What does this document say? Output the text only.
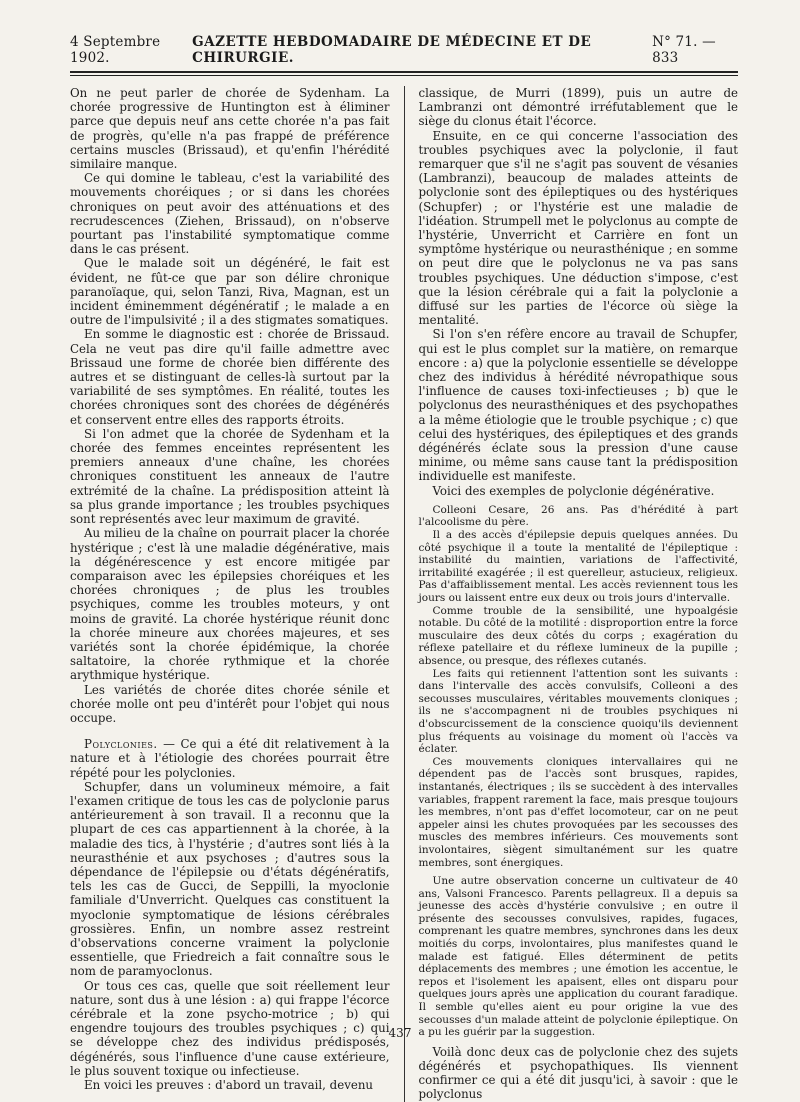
4 Septembre 1902.
GAZETTE HEBDOMADAIRE DE MÉDECINE ET DE CHIRURGIE.
N° 71. — 833

On ne peut parler de chorée de Sydenham. La chorée progressive de Huntington est à éliminer parce que depuis neuf ans cette chorée n'a pas fait de progrès, qu'elle n'a pas frappé de préférence certains muscles (Brissaud), et qu'enfin l'hérédité similaire manque.

Ce qui domine le tableau, c'est la variabilité des mouvements choréiques ; or si dans les chorées chroniques on peut avoir des atténuations et des recrudescences (Ziehen, Brissaud), on n'observe pourtant pas l'instabilité symptomatique comme dans le cas présent.

Que le malade soit un dégénéré, le fait est évident, ne fût-ce que par son délire chronique paranoïaque, qui, selon Tanzi, Riva, Magnan, est un incident éminemment dégénératif ; le malade a en outre de l'impulsivité ; il a des stigmates somatiques.

En somme le diagnostic est : chorée de Brissaud. Cela ne veut pas dire qu'il faille admettre avec Brissaud une forme de chorée bien différente des autres et se distinguant de celles-là surtout par la variabilité de ses symptômes. En réalité, toutes les chorées chroniques sont des chorées de dégénérés et conservent entre elles des rapports étroits.

Si l'on admet que la chorée de Sydenham et la chorée des femmes enceintes représentent les premiers anneaux d'une chaîne, les chorées chroniques constituent les anneaux de l'autre extrémité de la chaîne. La prédisposition atteint là sa plus grande importance ; les troubles psychiques sont représentés avec leur maximum de gravité.

Au milieu de la chaîne on pourrait placer la chorée hystérique ; c'est là une maladie dégénérative, mais la dégénérescence y est encore mitigée par comparaison avec les épilepsies choréiques et les chorées chroniques ; de plus les troubles psychiques, comme les troubles moteurs, y ont moins de gravité. La chorée hystérique réunit donc la chorée mineure aux chorées majeures, et ses variétés sont la chorée épidémique, la chorée saltatoire, la chorée rythmique et la chorée arythmique hystérique.

Les variétés de chorée dites chorée sénile et chorée molle ont peu d'intérêt pour l'objet qui nous occupe.

Polyclonies. — Ce qui a été dit relativement à la nature et à l'étiologie des chorées pourrait être répété pour les polyclonies.

Schupfer, dans un volumineux mémoire, a fait l'examen critique de tous les cas de polyclonie parus antérieurement à son travail. Il a reconnu que la plupart de ces cas appartiennent à la chorée, à la maladie des tics, à l'hystérie ; d'autres sont liés à la neurasthénie et aux psychoses ; d'autres sous la dépendance de l'épilepsie ou d'états dégénératifs, tels les cas de Gucci, de Seppilli, la myoclonie familiale d'Unverricht. Quelques cas constituent la myoclonie symptomatique de lésions cérébrales grossières. Enfin, un nombre assez restreint d'observations concerne vraiment la polyclonie essentielle, que Friedreich a fait connaître sous le nom de paramyoclonus.

Or tous ces cas, quelle que soit réellement leur nature, sont dus à une lésion : a) qui frappe l'écorce cérébrale et la zone psycho-motrice ; b) qui engendre toujours des troubles psychiques ; c) qui se développe chez des individus prédisposés, dégénérés, sous l'influence d'une cause extérieure, le plus souvent toxique ou infectieuse.

En voici les preuves : d'abord un travail, devenu

classique, de Murri (1899), puis un autre de Lambranzi ont démontré irréfutablement que le siège du clonus était l'écorce.

Ensuite, en ce qui concerne l'association des troubles psychiques avec la polyclonie, il faut remarquer que s'il ne s'agit pas souvent de vésanies (Lambranzi), beaucoup de malades atteints de polyclonie sont des épileptiques ou des hystériques (Schupfer) ; or l'hystérie est une maladie de l'idéation. Strumpell met le polyclonus au compte de l'hystérie, Unverricht et Carrière en font un symptôme hystérique ou neurasthénique ; en somme on peut dire que le polyclonus ne va pas sans troubles psychiques. Une déduction s'impose, c'est que la lésion cérébrale qui a fait la polyclonie a diffusé sur les parties de l'écorce où siège la mentalité.

Si l'on s'en réfère encore au travail de Schupfer, qui est le plus complet sur la matière, on remarque encore : a) que la polyclonie essentielle se développe chez des individus à hérédité névropathique sous l'influence de causes toxi-infectieuses ; b) que le polyclonus des neurasthéniques et des psychopathes a la même étiologie que le trouble psychique ; c) que celui des hystériques, des épileptiques et des grands dégénérés éclate sous la pression d'une cause minime, ou même sans cause tant la prédisposition individuelle est manifeste.

Voici des exemples de polyclonie dégénérative.

Colleoni Cesare, 26 ans. Pas d'hérédité à part l'alcoolisme du père.

Il a des accès d'épilepsie depuis quelques années. Du côté psychique il a toute la mentalité de l'épileptique : instabilité du maintien, variations de l'affectivité, irritabilité exagérée ; il est querelleur, astucieux, religieux. Pas d'affaiblissement mental. Les accès reviennent tous les jours ou laissent entre eux deux ou trois jours d'intervalle.

Comme trouble de la sensibilité, une hypoalgésie notable. Du côté de la motilité : disproportion entre la force musculaire des deux côtés du corps ; exagération du réflexe patellaire et du réflexe lumineux de la pupille ; absence, ou presque, des réflexes cutanés.

Les faits qui retiennent l'attention sont les suivants : dans l'intervalle des accès convulsifs, Colleoni a des secousses musculaires, véritables mouvements cloniques ; ils ne s'accompagnent ni de troubles psychiques ni d'obscurcissement de la conscience quoiqu'ils deviennent plus fréquents au voisinage du moment où l'accès va éclater.

Ces mouvements cloniques intervallaires qui ne dépendent pas de l'accès sont brusques, rapides, instantanés, électriques ; ils se succèdent à des intervalles variables, frappent rarement la face, mais presque toujours les membres, n'ont pas d'effet locomoteur, car on ne peut appeler ainsi les chutes provoquées par les secousses des muscles des membres inférieurs. Ces mouvements sont involontaires, siègent simultanément sur les quatre membres, sont énergiques.

Une autre observation concerne un cultivateur de 40 ans, Valsoni Francesco. Parents pellagreux. Il a depuis sa jeunesse des accès d'hystérie convulsive ; en outre il présente des secousses convulsives, rapides, fugaces, comprenant les quatre membres, synchrones dans les deux moitiés du corps, involontaires, plus manifestes quand le malade est fatigué. Elles déterminent de petits déplacements des membres ; une émotion les accentue, le repos et l'isolement les apaisent, elles ont disparu pour quelques jours après une application du courant faradique. Il semble qu'elles aient eu pour origine la vue des secousses d'un malade atteint de polyclonie épileptique. On a pu les guérir par la suggestion.

Voilà donc deux cas de polyclonie chez des sujets dégénérés et psychopathiques. Ils viennent confirmer ce qui a été dit jusqu'ici, à savoir : que le polyclonus

437
